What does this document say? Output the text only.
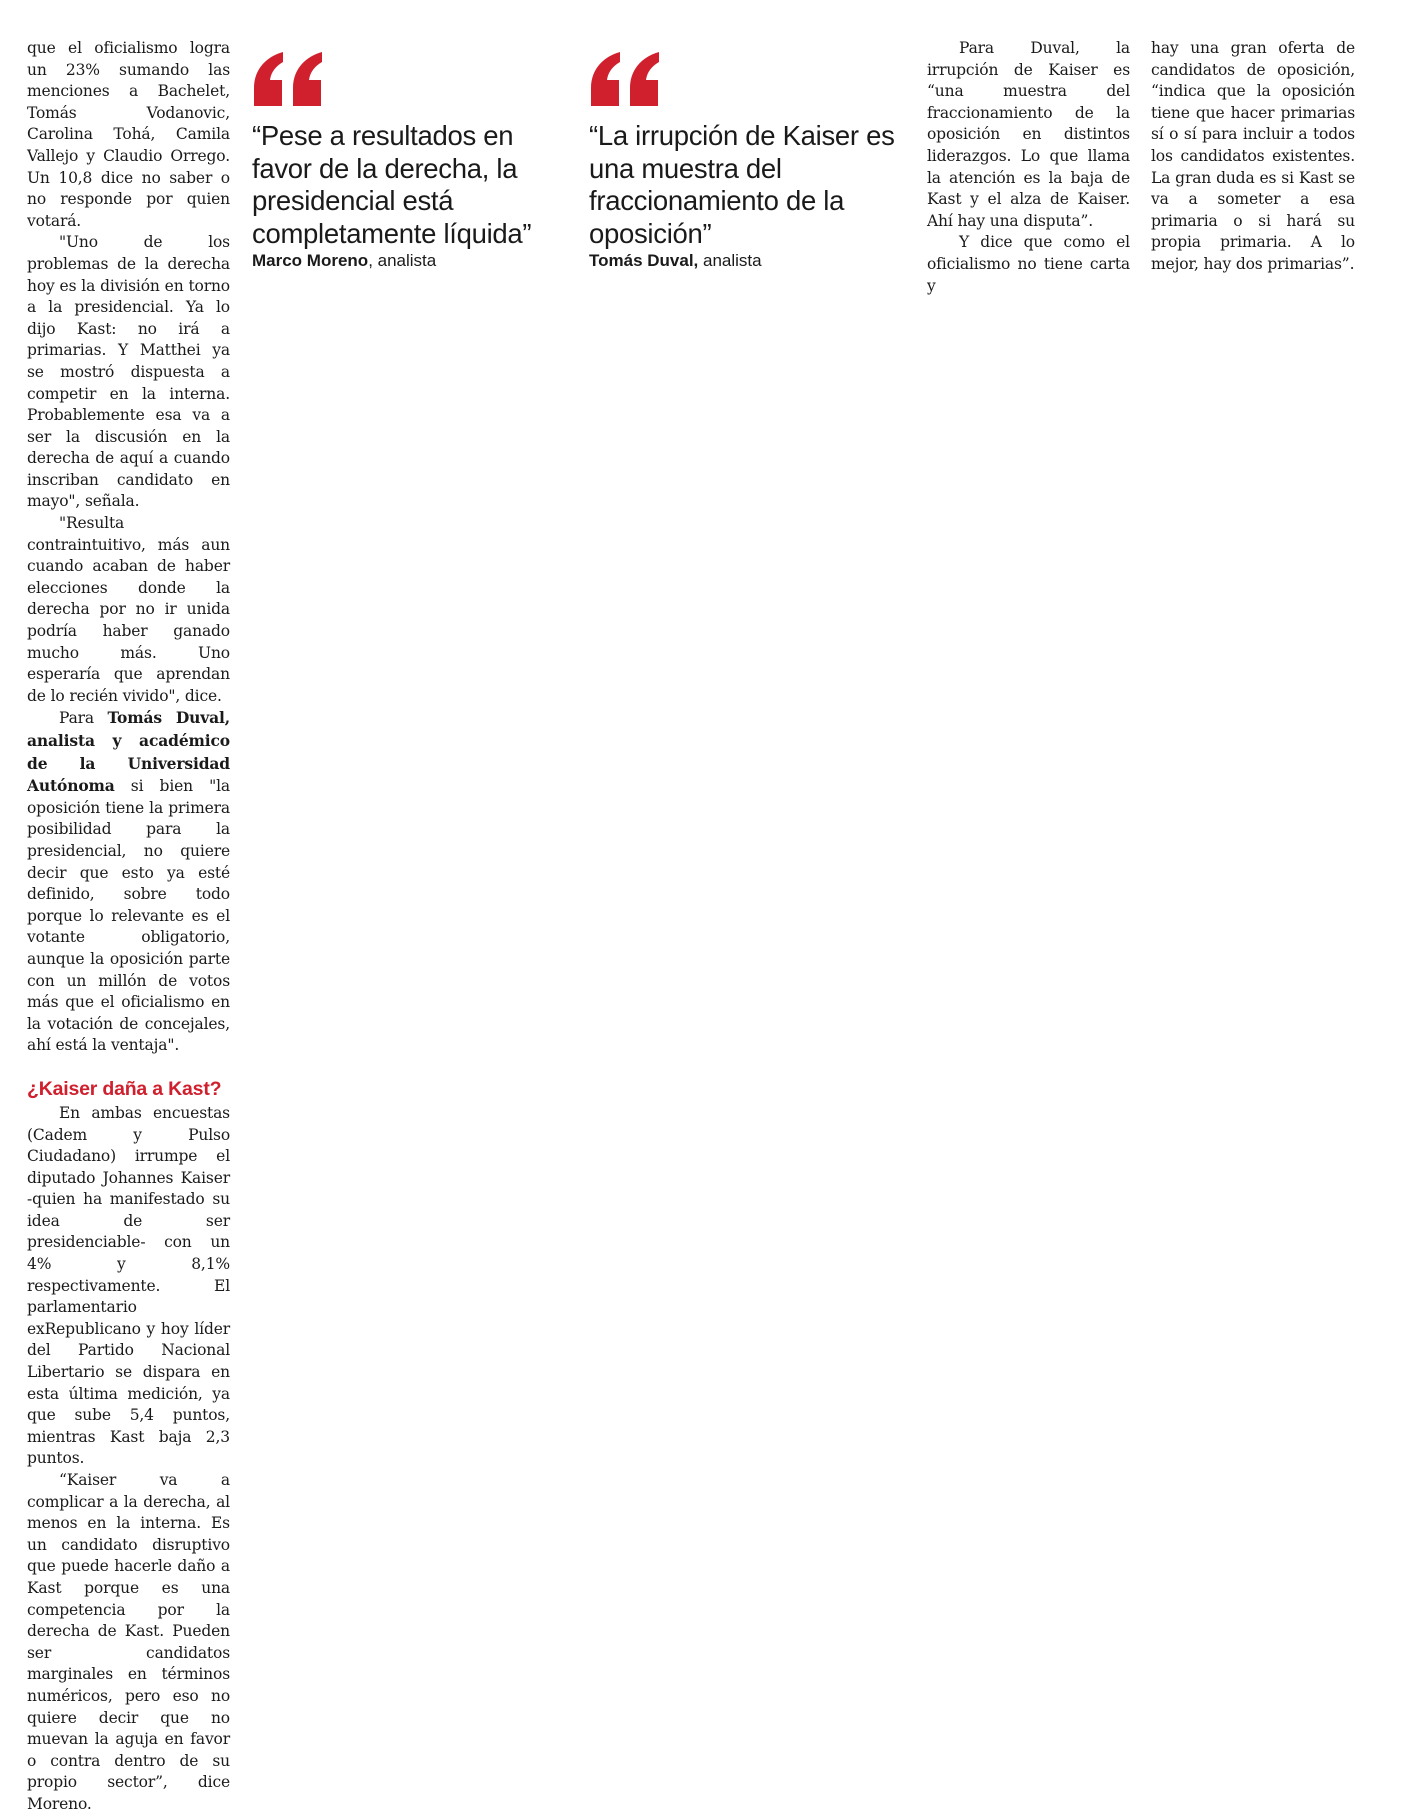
que el oficialismo logra un 23% sumando las menciones a Bachelet, Tomás Vodanovic, Carolina Tohá, Camila Vallejo y Claudio Orrego. Un 10,8 dice no saber o no responde por quien votará.

"Uno de los problemas de la derecha hoy es la división en torno a la presidencial. Ya lo dijo Kast: no irá a primarias. Y Matthei ya se mostró dispuesta a competir en la interna. Probablemente esa va a ser la discusión en la derecha de aquí a cuando inscriban candidato en mayo", señala.

"Resulta contraintuitivo, más aun cuando acaban de haber elecciones donde la derecha por no ir unida podría haber ganado mucho más. Uno esperaría que aprendan de lo recién vivido", dice.

Para Tomás Duval, analista y académico de la Universidad Autónoma si bien "la oposición tiene la primera posibilidad para la presidencial, no quiere decir que esto ya esté definido, sobre todo porque lo relevante es el votante obligatorio, aunque la oposición parte con un millón de votos más que el oficialismo en la votación de concejales, ahí está la ventaja".

¿Kaiser daña a Kast?

En ambas encuestas (Cadem y Pulso Ciudadano) irrumpe el diputado Johannes Kaiser -quien ha manifestado su idea de ser presidenciable- con un 4% y 8,1% respectivamente. El parlamentario exRepublicano y hoy líder del Partido Nacional Libertario se dispara en esta última medición, ya que sube 5,4 puntos, mientras Kast baja 2,3 puntos.

“Kaiser va a complicar a la derecha, al menos en la interna. Es un candidato disruptivo que puede hacerle daño a Kast porque es una competencia por la derecha de Kast. Pueden ser candidatos marginales en términos numéricos, pero eso no quiere decir que no muevan la aguja en favor o contra dentro de su propio sector”, dice Moreno.

“Pese a resultados en favor de la derecha, la presidencial está completamente líquida”
Marco Moreno, analista
“La irrupción de Kaiser es una muestra del fraccionamiento de la oposición”
Tomás Duval, analista

Para Duval, la irrupción de Kaiser es “una muestra del fraccionamiento de la oposición en distintos liderazgos. Lo que llama la atención es la baja de Kast y el alza de Kaiser. Ahí hay una disputa”.

Y dice que como el oficialismo no tiene carta y

hay una gran oferta de candidatos de oposición, “indica que la oposición tiene que hacer primarias sí o sí para incluir a todos los candidatos existentes. La gran duda es si Kast se va a someter a esa primaria o si hará su propia primaria. A lo mejor, hay dos primarias”.
